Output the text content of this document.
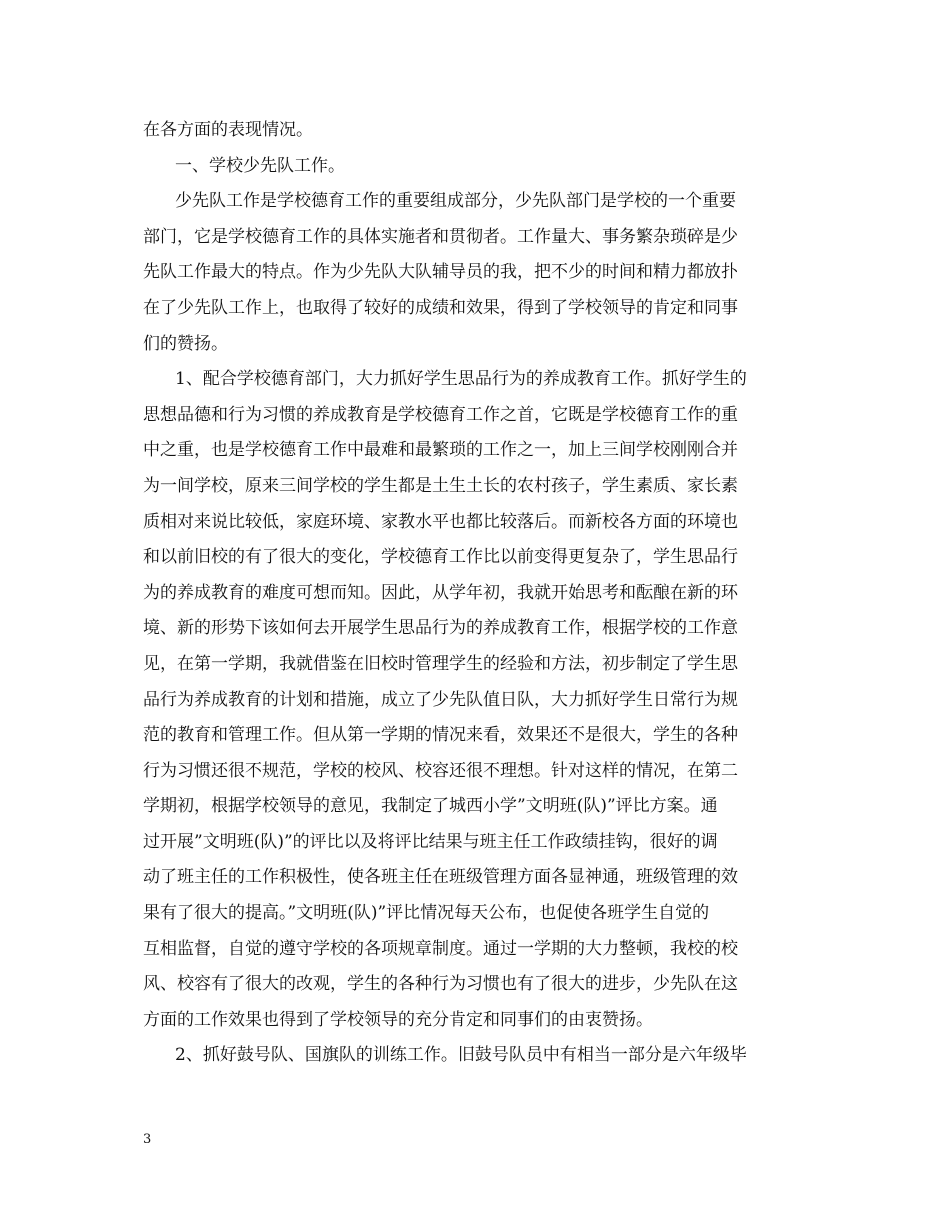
在各方面的表现情况。
一、学校少先队工作。
少先队工作是学校德育工作的重要组成部分，少先队部门是学校的一个重要
部门，它是学校德育工作的具体实施者和贯彻者。工作量大、事务繁杂琐碎是少
先队工作最大的特点。作为少先队大队辅导员的我，把不少的时间和精力都放扑
在了少先队工作上，也取得了较好的成绩和效果，得到了学校领导的肯定和同事
们的赞扬。
1、配合学校德育部门，大力抓好学生思品行为的养成教育工作。抓好学生的
思想品德和行为习惯的养成教育是学校德育工作之首，它既是学校德育工作的重
中之重，也是学校德育工作中最难和最繁琐的工作之一，加上三间学校刚刚合并
为一间学校，原来三间学校的学生都是土生土长的农村孩子，学生素质、家长素
质相对来说比较低，家庭环境、家教水平也都比较落后。而新校各方面的环境也
和以前旧校的有了很大的变化，学校德育工作比以前变得更复杂了，学生思品行
为的养成教育的难度可想而知。因此，从学年初，我就开始思考和酝酿在新的环
境、新的形势下该如何去开展学生思品行为的养成教育工作，根据学校的工作意
见，在第一学期，我就借鉴在旧校时管理学生的经验和方法，初步制定了学生思
品行为养成教育的计划和措施，成立了少先队值日队，大力抓好学生日常行为规
范的教育和管理工作。但从第一学期的情况来看，效果还不是很大，学生的各种
行为习惯还很不规范，学校的校风、校容还很不理想。针对这样的情况，在第二
学期初，根据学校领导的意见，我制定了城西小学”文明班(队)”评比方案。通
过开展”文明班(队)”的评比以及将评比结果与班主任工作政绩挂钩，很好的调
动了班主任的工作积极性，使各班主任在班级管理方面各显神通，班级管理的效
果有了很大的提高。”文明班(队)”评比情况每天公布，也促使各班学生自觉的
互相监督，自觉的遵守学校的各项规章制度。通过一学期的大力整顿，我校的校
风、校容有了很大的改观，学生的各种行为习惯也有了很大的进步，少先队在这
方面的工作效果也得到了学校领导的充分肯定和同事们的由衷赞扬。
2、抓好鼓号队、国旗队的训练工作。旧鼓号队员中有相当一部分是六年级毕
3
